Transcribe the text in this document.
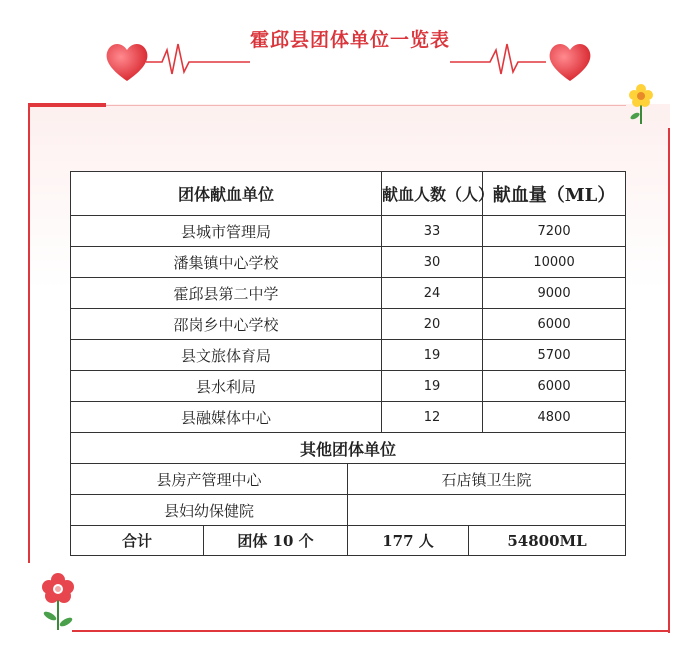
霍邱县团体单位一览表
团体献血单位			献血人数（人）		献血量（ML）
县城市管理局			33		7200
潘集镇中心学校			30		10000
霍邱县第二中学			24		9000
邵岗乡中心学校			20		6000
县文旅体育局			19		5700
县水利局			19		6000
县融媒体中心			12		4800
其他团体单位					
县房产管理中心		石店镇卫生院			
县妇幼保健院					
合计	团体 10 个	177 人		54800ML	
